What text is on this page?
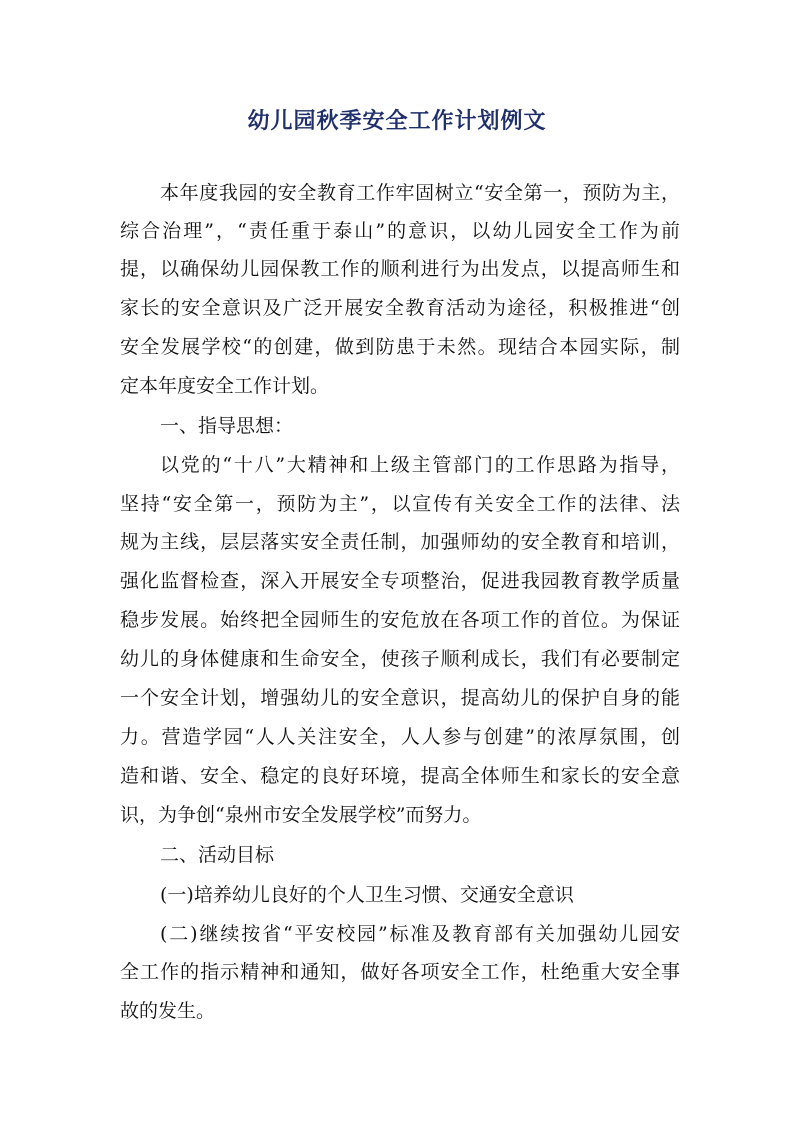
幼儿园秋季安全工作计划例文
本年度我园的安全教育工作牢固树立“安全第一，预防为主，
综合治理”，“责任重于泰山”的意识，以幼儿园安全工作为前
提，以确保幼儿园保教工作的顺利进行为出发点，以提高师生和
家长的安全意识及广泛开展安全教育活动为途径，积极推进“创
安全发展学校“的创建，做到防患于未然。现结合本园实际，制
定本年度安全工作计划。
一、指导思想：
以党的“十八”大精神和上级主管部门的工作思路为指导，
坚持“安全第一，预防为主”，以宣传有关安全工作的法律、法
规为主线，层层落实安全责任制，加强师幼的安全教育和培训，
强化监督检查，深入开展安全专项整治，促进我园教育教学质量
稳步发展。始终把全园师生的安危放在各项工作的首位。为保证
幼儿的身体健康和生命安全，使孩子顺利成长，我们有必要制定
一个安全计划，增强幼儿的安全意识，提高幼儿的保护自身的能
力。营造学园“人人关注安全，人人参与创建”的浓厚氛围，创
造和谐、安全、稳定的良好环境，提高全体师生和家长的安全意
识，为争创“泉州市安全发展学校”而努力。
二、活动目标
(一)培养幼儿良好的个人卫生习惯、交通安全意识
(二)继续按省“平安校园”标准及教育部有关加强幼儿园安
全工作的指示精神和通知，做好各项安全工作，杜绝重大安全事
故的发生。
